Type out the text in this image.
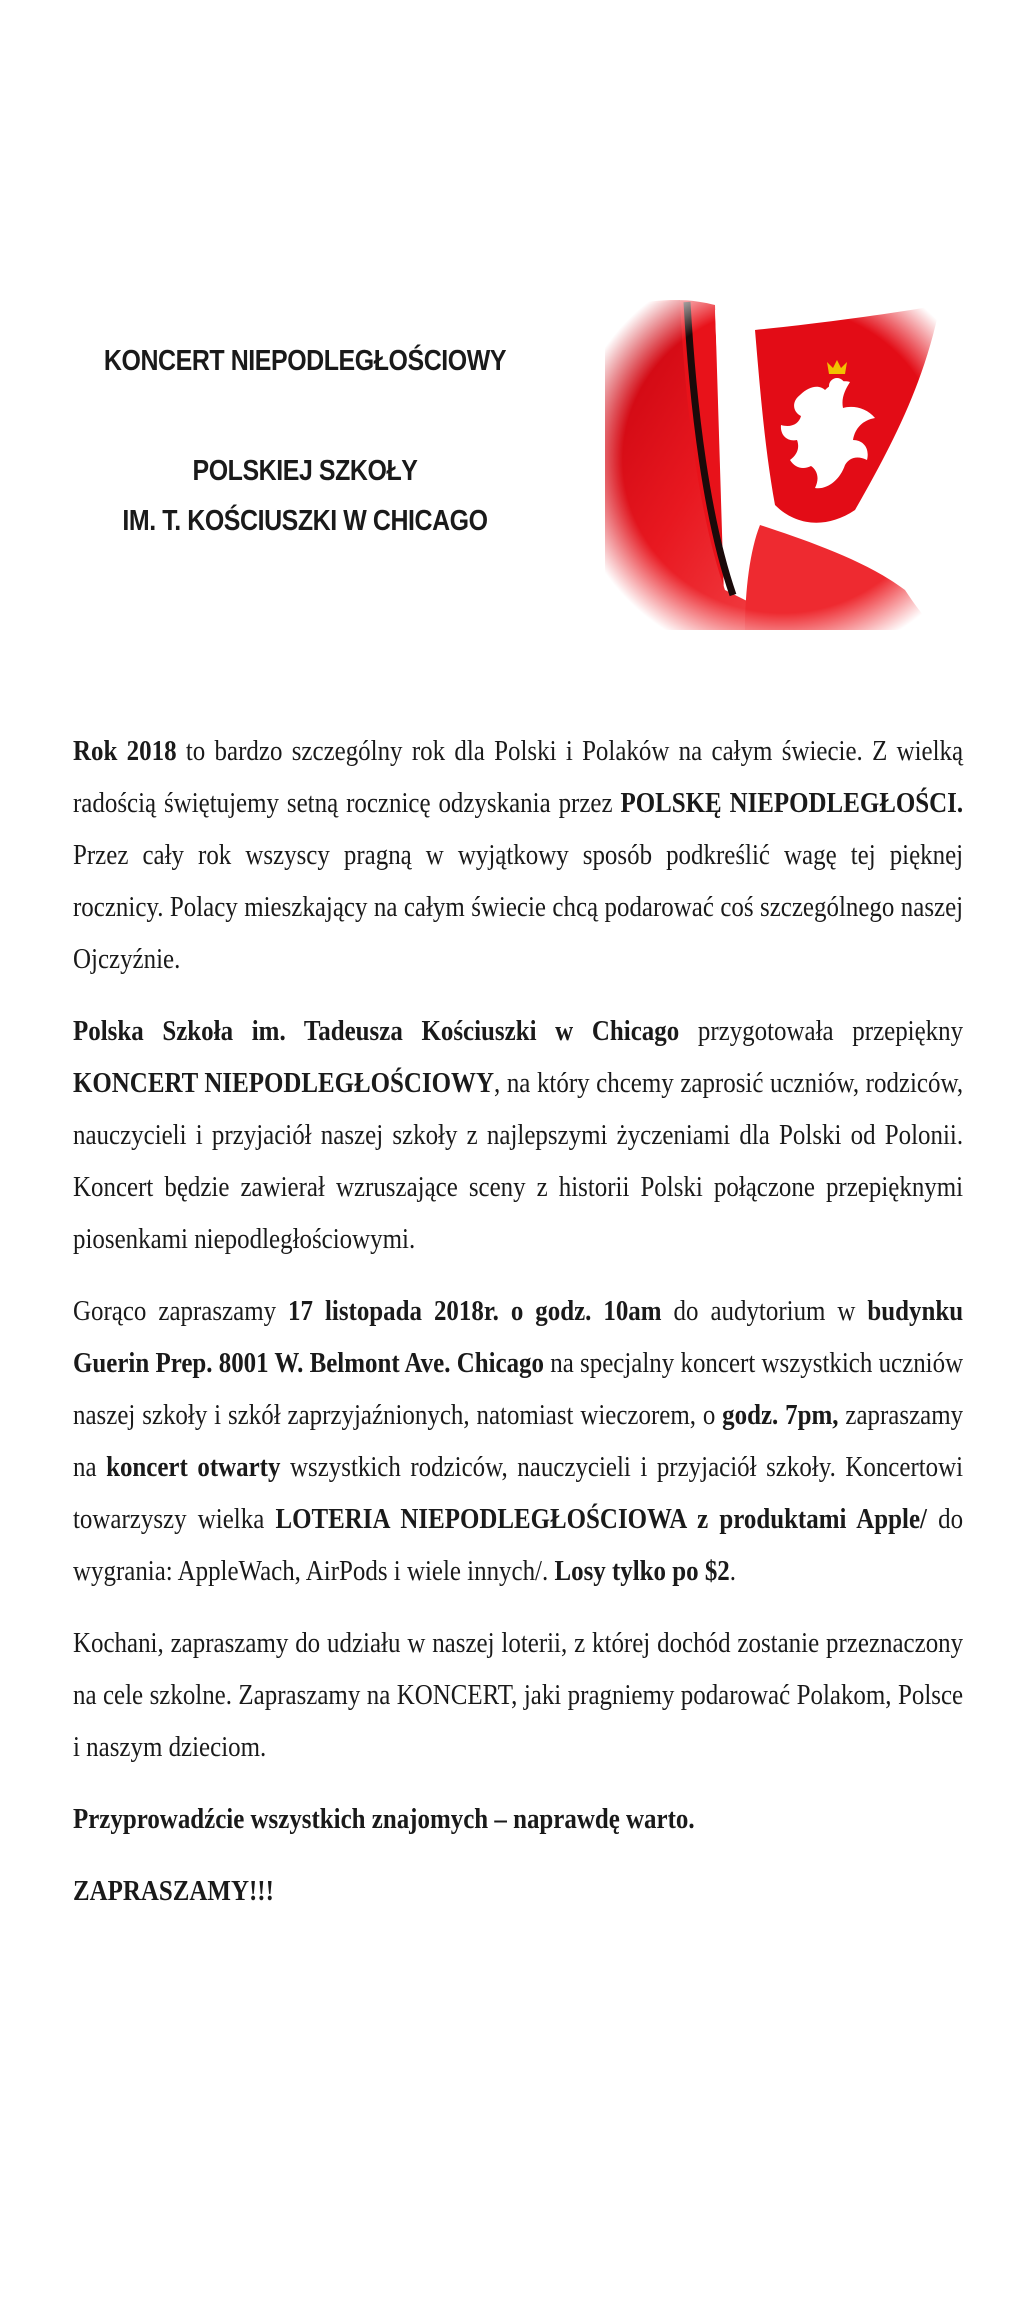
KONCERT NIEPODLEGŁOŚCIOWY
POLSKIEJ SZKOŁY
IM. T. KOŚCIUSZKI W CHICAGO

Rok 2018 to bardzo szczególny rok dla Polski i Polaków na całym świecie. Z wielką radością świętujemy setną rocznicę odzyskania przez POLSKĘ NIEPODLEGŁOŚCI. Przez cały rok wszyscy pragną w wyjątkowy sposób podkreślić wagę tej pięknej rocznicy. Polacy mieszkający na całym świecie chcą podarować coś szczególnego naszej Ojczyźnie.

Polska Szkoła im. Tadeusza Kościuszki w Chicago przygotowała przepiękny KONCERT NIEPODLEGŁOŚCIOWY, na który chcemy zaprosić uczniów, rodziców, nauczycieli i przyjaciół naszej szkoły z najlepszymi życzeniami dla Polski od Polonii. Koncert będzie zawierał wzruszające sceny z historii Polski połączone przepięknymi piosenkami niepodległościowymi.

Gorąco zapraszamy 17 listopada 2018r. o godz. 10am do audytorium w budynku Guerin Prep. 8001 W. Belmont Ave. Chicago na specjalny koncert wszystkich uczniów naszej szkoły i szkół zaprzyjaźnionych, natomiast wieczorem, o godz. 7pm, zapraszamy na koncert otwarty wszystkich rodziców, nauczycieli i przyjaciół szkoły. Koncertowi towarzyszy wielka LOTERIA NIEPODLEGŁOŚCIOWA z produktami Apple/ do wygrania: AppleWach, AirPods i wiele innych/. Losy tylko po $2.

Kochani, zapraszamy do udziału w naszej loterii, z której dochód zostanie przeznaczony na cele szkolne. Zapraszamy na KONCERT, jaki pragniemy podarować Polakom, Polsce i naszym dzieciom.

Przyprowadźcie wszystkich znajomych – naprawdę warto.

ZAPRASZAMY!!!
